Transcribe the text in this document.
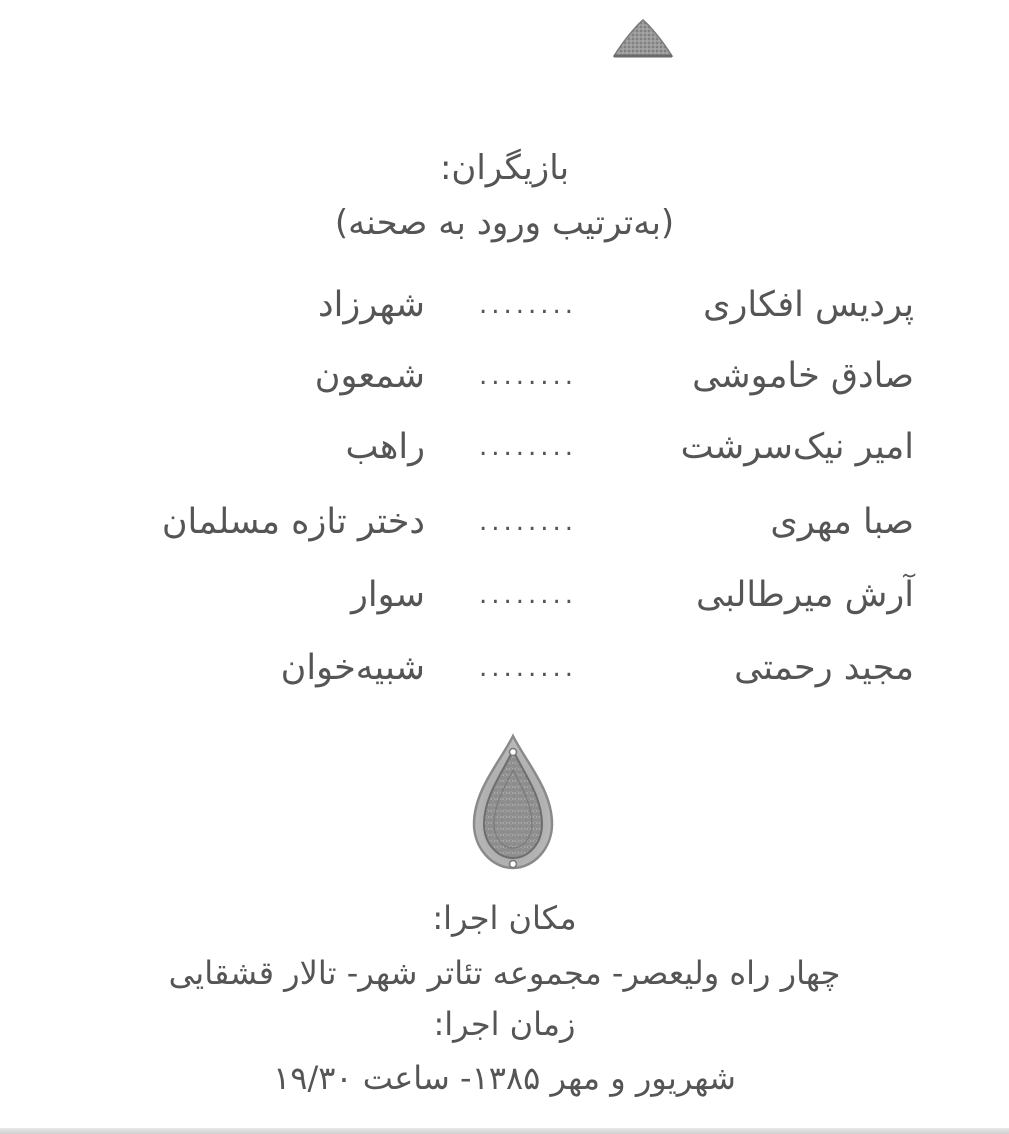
بازیگران:
(به‌ترتیب ورود به صحنه)
پردیس افکاری
........
شهرزاد
صادق خاموشی
........
شمعون
امیر نیک‌سرشت
........
راهب
صبا مهری
........
دختر تازه مسلمان
آرش میرطالبی
........
سوار
مجید رحمتی
........
شبیه‌خوان
مکان اجرا:
چهار راه ولیعصر- مجموعه تئاتر شهر- تالار قشقایی
زمان اجرا:
شهریور و مهر ۱۳۸۵- ساعت ۱۹/۳۰
